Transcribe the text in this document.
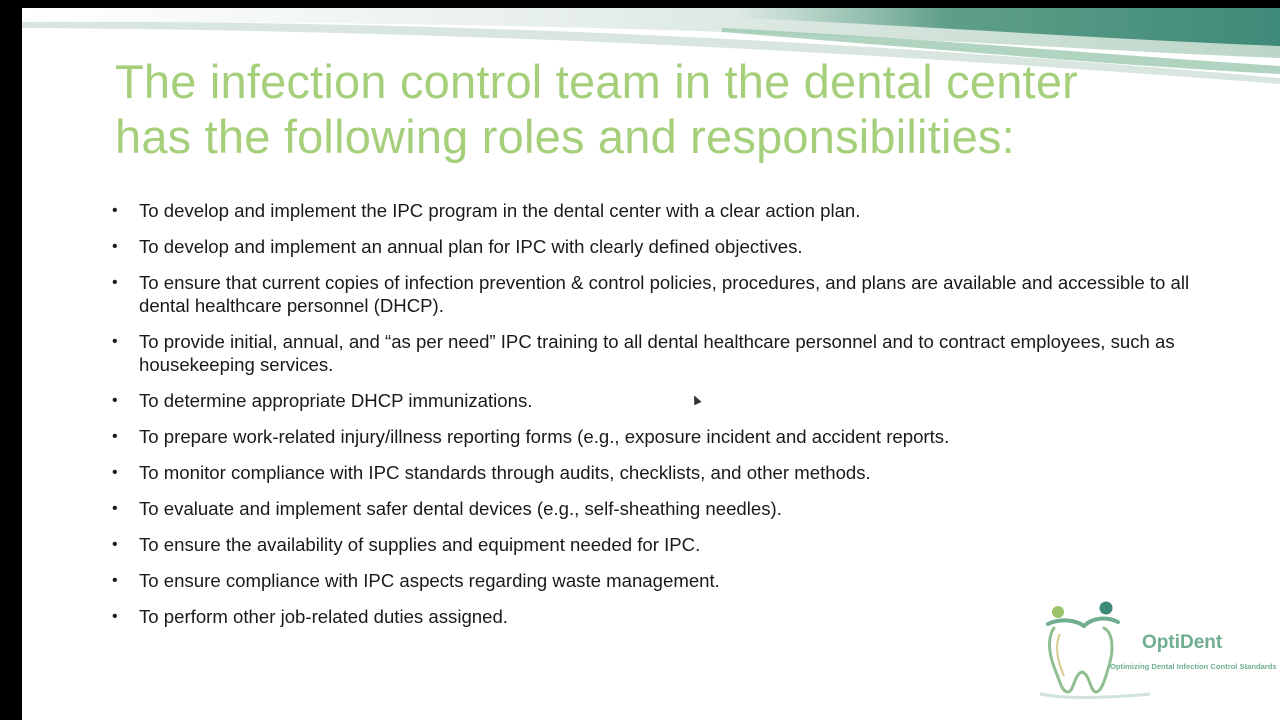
The infection control team in the dental center
has the following roles and responsibilities:
• To develop and implement the IPC program in the dental center with a clear action plan.
• To develop and implement an annual plan for IPC with clearly defined objectives.
• To ensure that current copies of infection prevention & control policies, procedures, and plans are available and accessible to all dental healthcare personnel (DHCP).
• To provide initial, annual, and “as per need” IPC training to all dental healthcare personnel and to contract employees, such as housekeeping services.
• To determine appropriate DHCP immunizations.
• To prepare work-related injury/illness reporting forms (e.g., exposure incident and accident reports.
• To monitor compliance with IPC standards through audits, checklists, and other methods.
• To evaluate and implement safer dental devices (e.g., self-sheathing needles).
• To ensure the availability of supplies and equipment needed for IPC.
• To ensure compliance with IPC aspects regarding waste management.
• To perform other job-related duties assigned.
OptiDent
Optimizing Dental Infection Control Standards
